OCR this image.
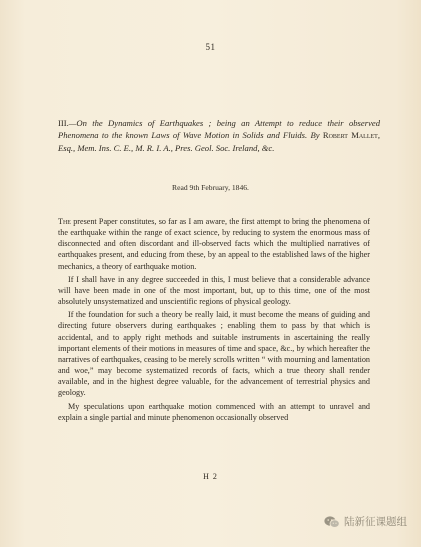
51
III.—On the Dynamics of Earthquakes ; being an Attempt to reduce their observed Phenomena to the known Laws of Wave Motion in Solids and Fluids. By Robert Mallet, Esq., Mem. Ins. C. E., M. R. I. A., Pres. Geol. Soc. Ireland, &c.
Read 9th February, 1846.

The present Paper constitutes, so far as I am aware, the first attempt to bring the phenomena of the earthquake within the range of exact science, by reducing to system the enormous mass of disconnected and often discordant and ill-observed facts which the multiplied narratives of earthquakes present, and educing from these, by an appeal to the established laws of the higher mechanics, a theory of earthquake motion.

If I shall have in any degree succeeded in this, I must believe that a considerable advance will have been made in one of the most important, but, up to this time, one of the most absolutely unsystematized and unscientific regions of physical geology.

If the foundation for such a theory be really laid, it must become the means of guiding and directing future observers during earthquakes ; enabling them to pass by that which is accidental, and to apply right methods and suitable instruments in ascertaining the really important elements of their motions in measures of time and space, &c., by which hereafter the narratives of earthquakes, ceasing to be merely scrolls written “ with mourning and lamentation and woe,” may become systematized records of facts, which a true theory shall render available, and in the highest degree valuable, for the advancement of terrestrial physics and geology.

My speculations upon earthquake motion commenced with an attempt to unravel and explain a single partial and minute phenomenon occasionally observed

H 2
陆新征课题组
